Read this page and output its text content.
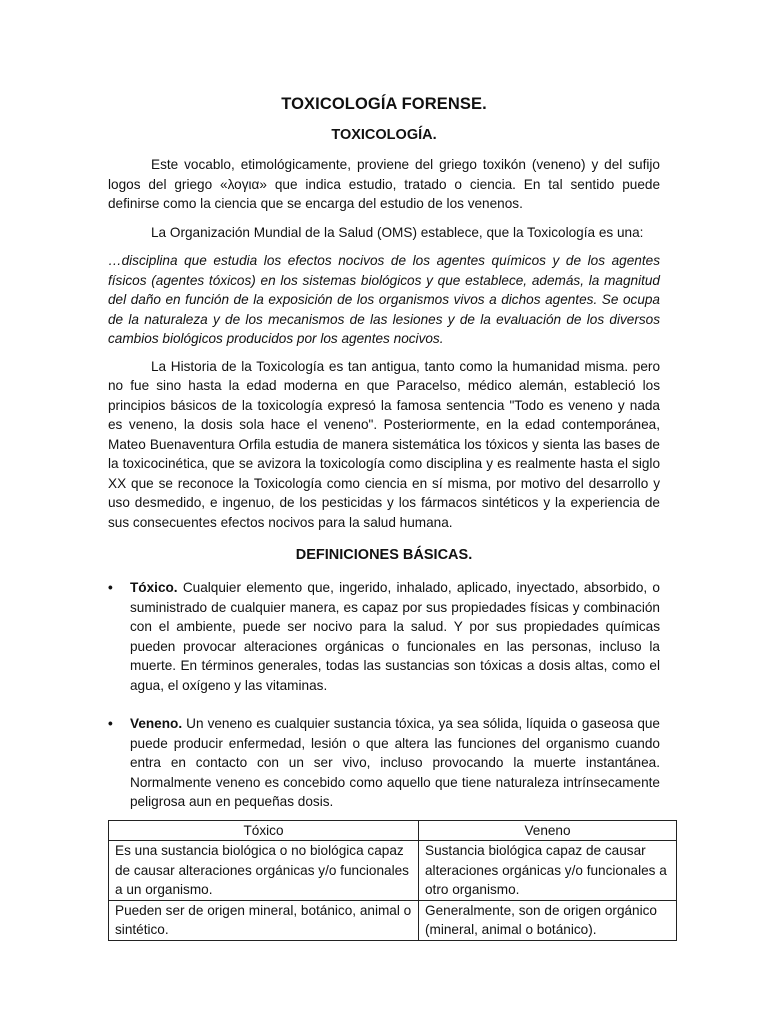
TOXICOLOGÍA FORENSE.
TOXICOLOGÍA.

Este vocablo, etimológicamente, proviene del griego toxikón (veneno) y del sufijo logos del griego «λογια» que indica estudio, tratado o ciencia. En tal sentido puede definirse como la ciencia que se encarga del estudio de los venenos.

La Organización Mundial de la Salud (OMS) establece, que la Toxicología es una:

…disciplina que estudia los efectos nocivos de los agentes químicos y de los agentes físicos (agentes tóxicos) en los sistemas biológicos y que establece, además, la magnitud del daño en función de la exposición de los organismos vivos a dichos agentes. Se ocupa de la naturaleza y de los mecanismos de las lesiones y de la evaluación de los diversos cambios biológicos producidos por los agentes nocivos.

La Historia de la Toxicología es tan antigua, tanto como la humanidad misma. pero no fue sino hasta la edad moderna en que Paracelso, médico alemán, estableció los principios básicos de la toxicología expresó la famosa sentencia "Todo es veneno y nada es veneno, la dosis sola hace el veneno". Posteriormente, en la edad contemporánea, Mateo Buenaventura Orfila estudia de manera sistemática los tóxicos y sienta las bases de la toxicocinética, que se avizora la toxicología como disciplina y es realmente hasta el siglo XX que se reconoce la Toxicología como ciencia en sí misma, por motivo del desarrollo y uso desmedido, e ingenuo, de los pesticidas y los fármacos sintéticos y la experiencia de sus consecuentes efectos nocivos para la salud humana.

DEFINICIONES BÁSICAS.
• Tóxico. Cualquier elemento que, ingerido, inhalado, aplicado, inyectado, absorbido, o suministrado de cualquier manera, es capaz por sus propiedades físicas y combinación con el ambiente, puede ser nocivo para la salud. Y por sus propiedades químicas pueden provocar alteraciones orgánicas o funcionales en las personas, incluso la muerte. En términos generales, todas las sustancias son tóxicas a dosis altas, como el agua, el oxígeno y las vitaminas.
• Veneno. Un veneno es cualquier sustancia tóxica, ya sea sólida, líquida o gaseosa que puede producir enfermedad, lesión o que altera las funciones del organismo cuando entra en contacto con un ser vivo, incluso provocando la muerte instantánea. Normalmente veneno es concebido como aquello que tiene naturaleza intrínsecamente peligrosa aun en pequeñas dosis.
Tóxico	Veneno
Es una sustancia biológica o no biológica capaz de causar alteraciones orgánicas y/o funcionales a un organismo.	Sustancia biológica capaz de causar alteraciones orgánicas y/o funcionales a otro organismo.
Pueden ser de origen mineral, botánico, animal o sintético.	Generalmente, son de origen orgánico (mineral, animal o botánico).
